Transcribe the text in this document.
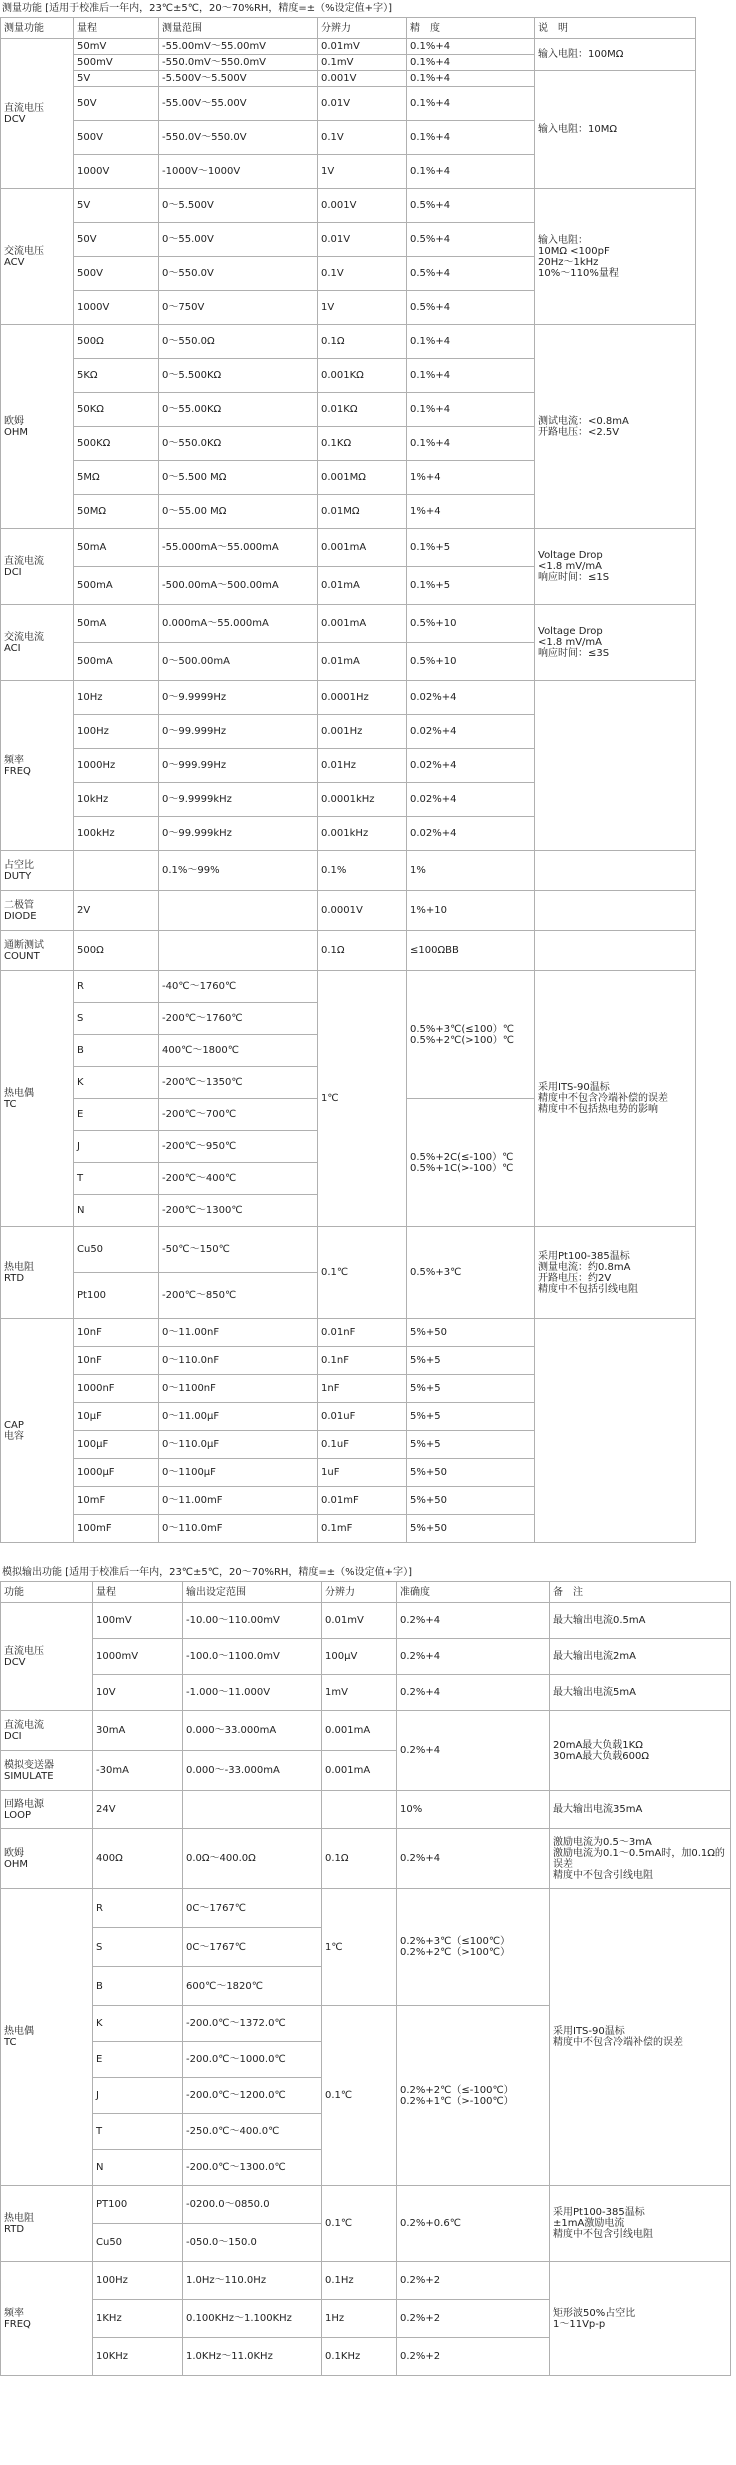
测量功能 [适用于校准后一年内，23℃±5℃，20～70%RH，精度=±（%设定值+字）]
测量功能	量程	测量范围	分辨力	精　度	说　明
直流电压
DCV	50mV	-55.00mV～55.00mV	0.01mV	0.1%+4	输入电阻：100MΩ
	500mV	-550.0mV～550.0mV	0.1mV	0.1%+4	
	5V	-5.500V～5.500V	0.001V	0.1%+4	输入电阻：10MΩ
	50V	-55.00V～55.00V	0.01V	0.1%+4	
	500V	-550.0V～550.0V	0.1V	0.1%+4	
	1000V	-1000V～1000V	1V	0.1%+4	
交流电压
ACV	5V	0～5.500V	0.001V	0.5%+4	输入电阻：
10MΩ <100pF
20Hz～1kHz
10%～110%量程
	50V	0～55.00V	0.01V	0.5%+4	
	500V	0～550.0V	0.1V	0.5%+4	
	1000V	0～750V	1V	0.5%+4	
欧姆
OHM	500Ω	0～550.0Ω	0.1Ω	0.1%+4	测试电流：<0.8mA
开路电压：<2.5V
	5KΩ	0～5.500KΩ	0.001KΩ	0.1%+4	
	50KΩ	0～55.00KΩ	0.01KΩ	0.1%+4	
	500KΩ	0～550.0KΩ	0.1KΩ	0.1%+4	
	5MΩ	0～5.500 MΩ	0.001MΩ	1%+4	
	50MΩ	0～55.00 MΩ	0.01MΩ	1%+4	
直流电流
DCI	50mA	-55.000mA～55.000mA	0.001mA	0.1%+5	Voltage Drop
<1.8 mV/mA
响应时间：≤1S
	500mA	-500.00mA～500.00mA	0.01mA	0.1%+5	
交流电流
ACI	50mA	0.000mA～55.000mA	0.001mA	0.5%+10	Voltage Drop
<1.8 mV/mA
响应时间：≤3S
	500mA	0～500.00mA	0.01mA	0.5%+10	
频率
FREQ	10Hz	0～9.9999Hz	0.0001Hz	0.02%+4	
	100Hz	0～99.999Hz	0.001Hz	0.02%+4	
	1000Hz	0～999.99Hz	0.01Hz	0.02%+4	
	10kHz	0～9.9999kHz	0.0001kHz	0.02%+4	
	100kHz	0～99.999kHz	0.001kHz	0.02%+4	
占空比
DUTY		0.1%～99%	0.1%	1%	
二极管
DIODE	2V		0.0001V	1%+10	
通断测试
COUNT	500Ω		0.1Ω	≤100ΩBB	
热电偶
TC	R	-40℃～1760℃	1℃	0.5%+3℃(≤100）℃
0.5%+2℃(>100）℃	采用ITS-90温标
精度中不包含冷端补偿的误差
精度中不包括热电势的影响
	S	-200℃～1760℃			
	B	400℃～1800℃			
	K	-200℃～1350℃			
	E	-200℃～700℃		0.5%+2C(≤-100）℃
0.5%+1C(>-100）℃	
	J	-200℃～950℃			
	T	-200℃～400℃			
	N	-200℃～1300℃			
热电阻
RTD	Cu50	-50℃～150℃	0.1℃	0.5%+3℃	采用Pt100-385温标
测量电流：约0.8mA
开路电压：约2V
精度中不包括引线电阻
	Pt100	-200℃～850℃			
CAP
电容	10nF	0～11.00nF	0.01nF	5%+50	
	10nF	0～110.0nF	0.1nF	5%+5	
	1000nF	0～1100nF	1nF	5%+5	
	10μF	0～11.00μF	0.01uF	5%+5	
	100μF	0～110.0μF	0.1uF	5%+5	
	1000μF	0～1100μF	1uF	5%+50	
	10mF	0～11.00mF	0.01mF	5%+50	
	100mF	0～110.0mF	0.1mF	5%+50	
模拟输出功能 [适用于校准后一年内，23℃±5℃，20～70%RH，精度=±（%设定值+字）]
功能	量程	输出设定范围	分辨力	准确度	备　注
直流电压
DCV	100mV	-10.00～110.00mV	0.01mV	0.2%+4	最大输出电流0.5mA
	1000mV	-100.0～1100.0mV	100μV	0.2%+4	最大输出电流2mA
	10V	-1.000～11.000V	1mV	0.2%+4	最大输出电流5mA
直流电流
DCI	30mA	0.000～33.000mA	0.001mA	0.2%+4	20mA最大负载1KΩ
30mA最大负载600Ω
模拟变送器
SIMULATE	-30mA	0.000～-33.000mA	0.001mA		
回路电源
LOOP	24V			10%	最大输出电流35mA
欧姆
OHM	400Ω	0.0Ω～400.0Ω	0.1Ω	0.2%+4	激励电流为0.5～3mA
激励电流为0.1～0.5mA时，加0.1Ω的误差
精度中不包含引线电阻
热电偶
TC	R	0C～1767℃	1℃	0.2%+3℃（≤100℃）
0.2%+2℃（>100℃）	采用ITS-90温标
精度中不包含冷端补偿的误差
	S	0C～1767℃			
	B	600℃～1820℃			
	K	-200.0℃～1372.0℃	0.1℃	0.2%+2℃（≤-100℃）
0.2%+1℃（>-100℃）	
	E	-200.0℃～1000.0℃			
	J	-200.0℃～1200.0℃			
	T	-250.0℃～400.0℃			
	N	-200.0℃～1300.0℃			
热电阻
RTD	PT100	-0200.0～0850.0	0.1℃	0.2%+0.6℃	采用Pt100-385温标
±1mA激励电流
精度中不包含引线电阻
	Cu50	-050.0～150.0			
频率
FREQ	100Hz	1.0Hz～110.0Hz	0.1Hz	0.2%+2	矩形波50%占空比
1～11Vp-p
	1KHz	0.100KHz～1.100KHz	1Hz	0.2%+2	
	10KHz	1.0KHz～11.0KHz	0.1KHz	0.2%+2	
